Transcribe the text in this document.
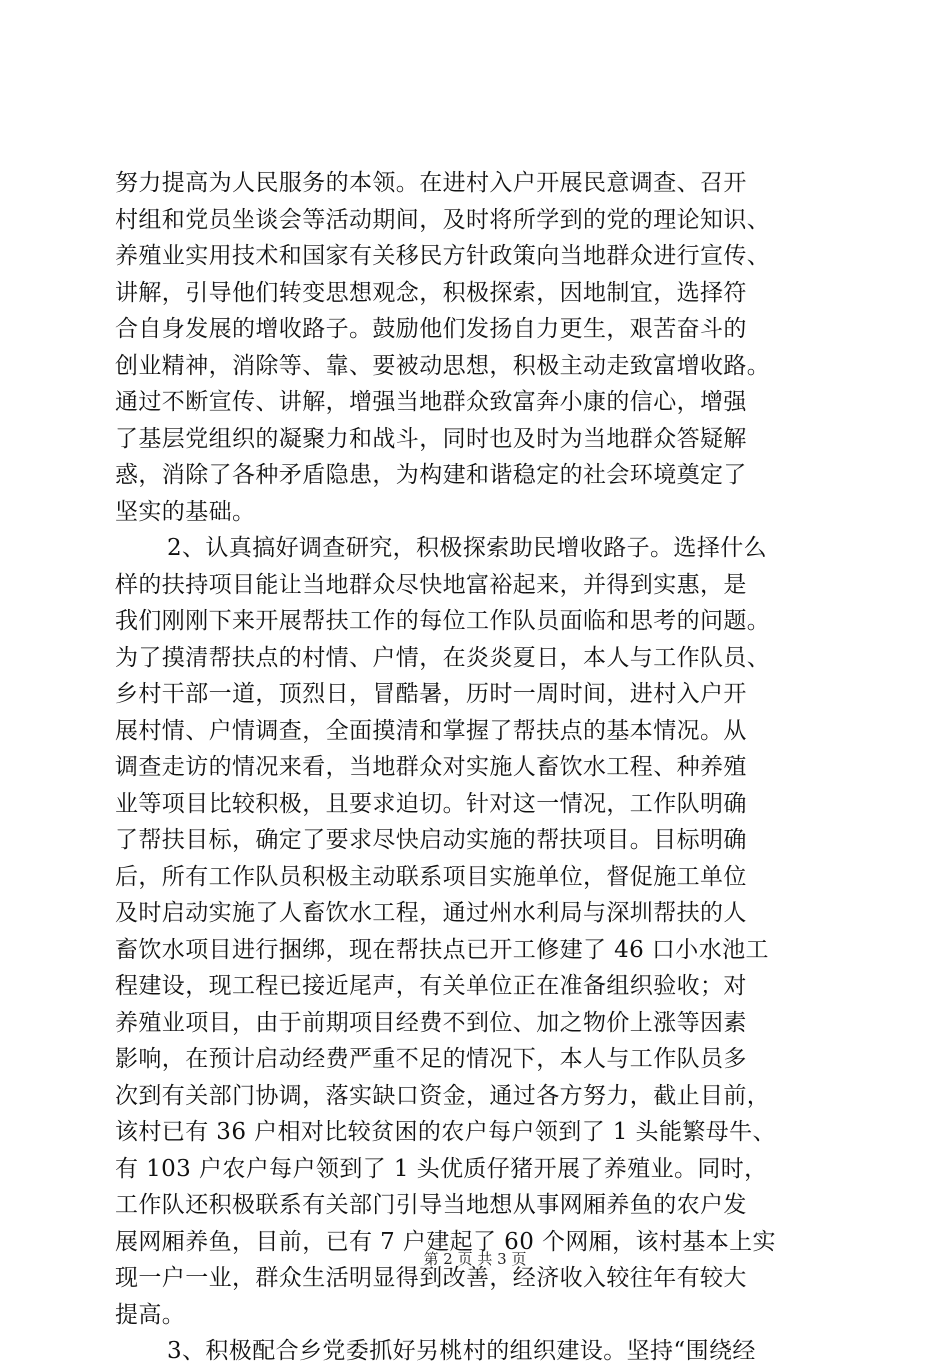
努力提高为人民服务的本领。在进村入户开展民意调查、召开
村组和党员坐谈会等活动期间，及时将所学到的党的理论知识、
养殖业实用技术和国家有关移民方针政策向当地群众进行宣传、
讲解，引导他们转变思想观念，积极探索，因地制宜，选择符
合自身发展的增收路子。鼓励他们发扬自力更生，艰苦奋斗的
创业精神，消除等、靠、要被动思想，积极主动走致富增收路。
通过不断宣传、讲解，增强当地群众致富奔小康的信心，增强
了基层党组织的凝聚力和战斗，同时也及时为当地群众答疑解
惑，消除了各种矛盾隐患，为构建和谐稳定的社会环境奠定了
坚实的基础。
2、认真搞好调查研究，积极探索助民增收路子。选择什么
样的扶持项目能让当地群众尽快地富裕起来，并得到实惠，是
我们刚刚下来开展帮扶工作的每位工作队员面临和思考的问题。
为了摸清帮扶点的村情、户情，在炎炎夏日，本人与工作队员、
乡村干部一道，顶烈日，冒酷暑，历时一周时间，进村入户开
展村情、户情调查，全面摸清和掌握了帮扶点的基本情况。从
调查走访的情况来看，当地群众对实施人畜饮水工程、种养殖
业等项目比较积极，且要求迫切。针对这一情况，工作队明确
了帮扶目标，确定了要求尽快启动实施的帮扶项目。目标明确
后，所有工作队员积极主动联系项目实施单位，督促施工单位
及时启动实施了人畜饮水工程，通过州水利局与深圳帮扶的人
畜饮水项目进行捆绑，现在帮扶点已开工修建了 46 口小水池工
程建设，现工程已接近尾声，有关单位正在准备组织验收；对
养殖业项目，由于前期项目经费不到位、加之物价上涨等因素
影响，在预计启动经费严重不足的情况下，本人与工作队员多
次到有关部门协调，落实缺口资金，通过各方努力，截止目前，
该村已有 36 户相对比较贫困的农户每户领到了 1 头能繁母牛、
有 103 户农户每户领到了 1 头优质仔猪开展了养殖业。同时，
工作队还积极联系有关部门引导当地想从事网厢养鱼的农户发
展网厢养鱼，目前，已有 7 户建起了 60 个网厢，该村基本上实
现一户一业，群众生活明显得到改善，经济收入较往年有较大
提高。
3、积极配合乡党委抓好另桃村的组织建设。坚持“围绕经
第 2 页 共 3 页
